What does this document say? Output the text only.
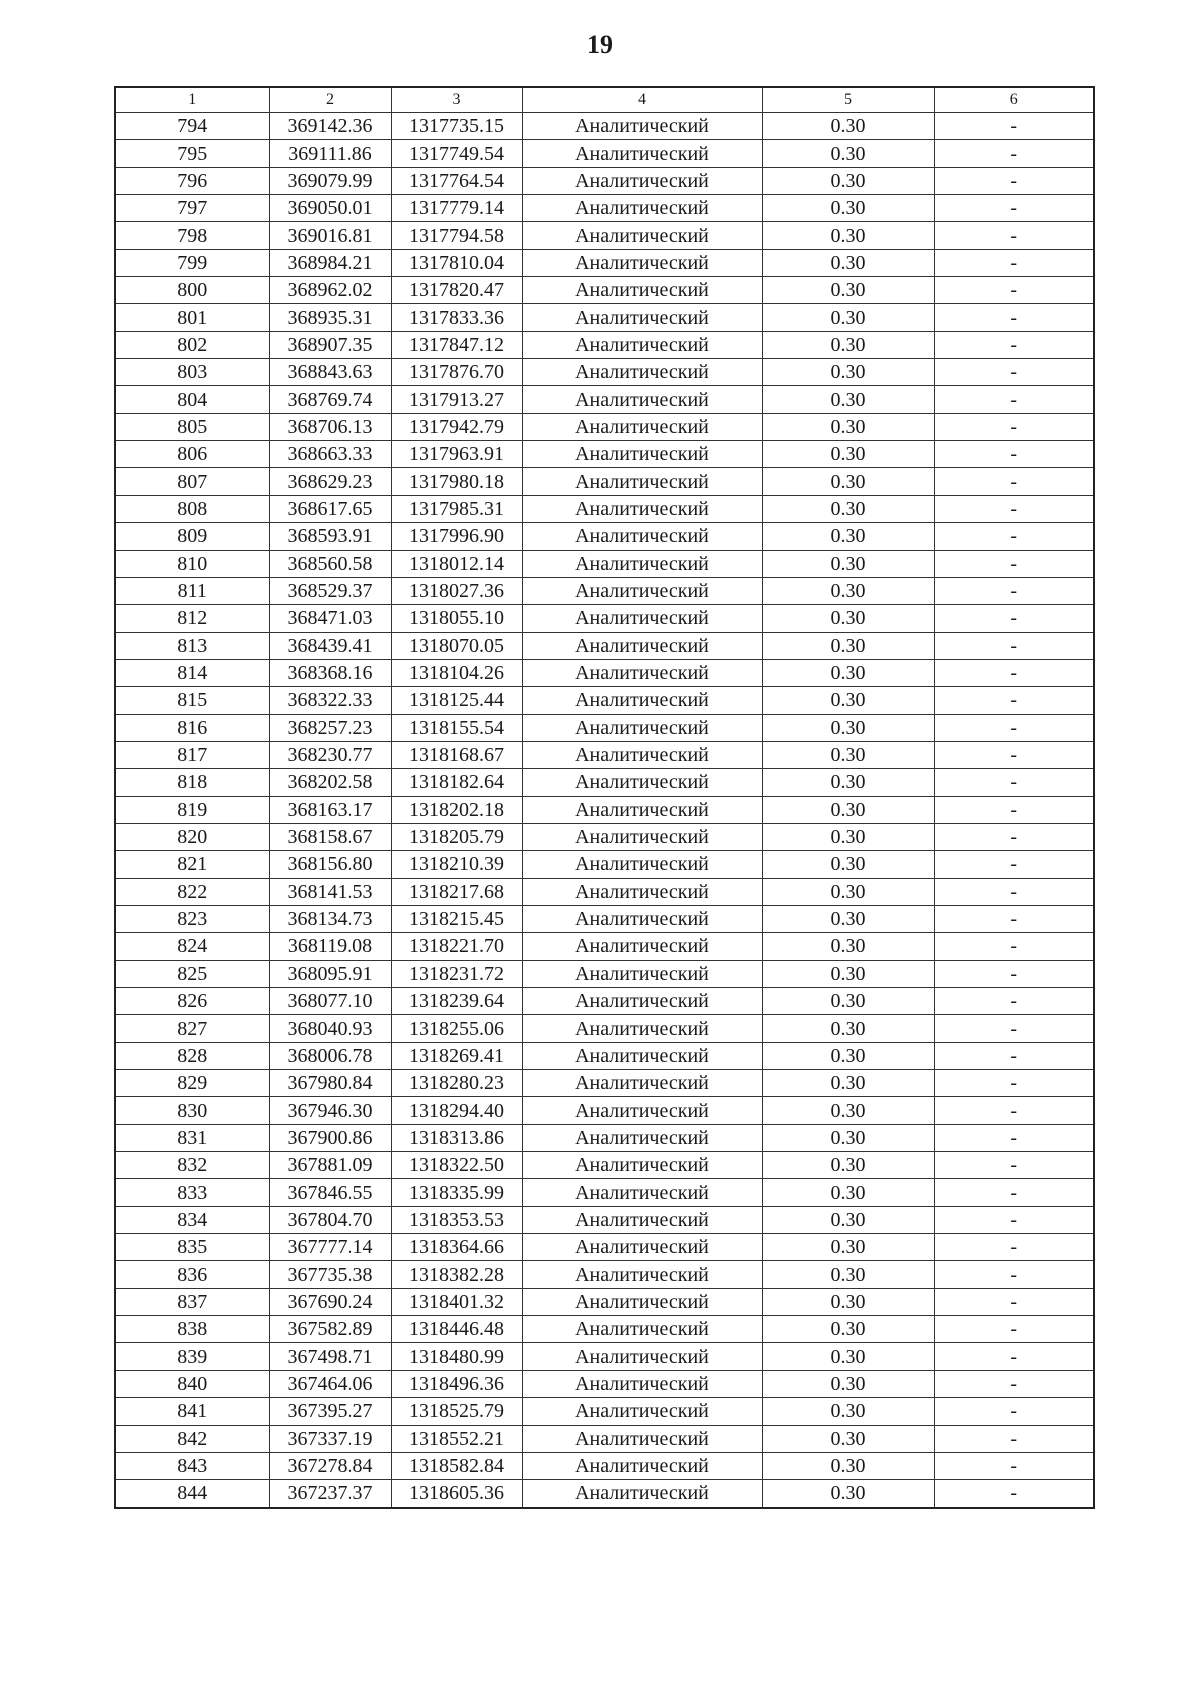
19
1	2	3	4	5	6
794	369142.36	1317735.15	Аналитический	0.30	-
795	369111.86	1317749.54	Аналитический	0.30	-
796	369079.99	1317764.54	Аналитический	0.30	-
797	369050.01	1317779.14	Аналитический	0.30	-
798	369016.81	1317794.58	Аналитический	0.30	-
799	368984.21	1317810.04	Аналитический	0.30	-
800	368962.02	1317820.47	Аналитический	0.30	-
801	368935.31	1317833.36	Аналитический	0.30	-
802	368907.35	1317847.12	Аналитический	0.30	-
803	368843.63	1317876.70	Аналитический	0.30	-
804	368769.74	1317913.27	Аналитический	0.30	-
805	368706.13	1317942.79	Аналитический	0.30	-
806	368663.33	1317963.91	Аналитический	0.30	-
807	368629.23	1317980.18	Аналитический	0.30	-
808	368617.65	1317985.31	Аналитический	0.30	-
809	368593.91	1317996.90	Аналитический	0.30	-
810	368560.58	1318012.14	Аналитический	0.30	-
811	368529.37	1318027.36	Аналитический	0.30	-
812	368471.03	1318055.10	Аналитический	0.30	-
813	368439.41	1318070.05	Аналитический	0.30	-
814	368368.16	1318104.26	Аналитический	0.30	-
815	368322.33	1318125.44	Аналитический	0.30	-
816	368257.23	1318155.54	Аналитический	0.30	-
817	368230.77	1318168.67	Аналитический	0.30	-
818	368202.58	1318182.64	Аналитический	0.30	-
819	368163.17	1318202.18	Аналитический	0.30	-
820	368158.67	1318205.79	Аналитический	0.30	-
821	368156.80	1318210.39	Аналитический	0.30	-
822	368141.53	1318217.68	Аналитический	0.30	-
823	368134.73	1318215.45	Аналитический	0.30	-
824	368119.08	1318221.70	Аналитический	0.30	-
825	368095.91	1318231.72	Аналитический	0.30	-
826	368077.10	1318239.64	Аналитический	0.30	-
827	368040.93	1318255.06	Аналитический	0.30	-
828	368006.78	1318269.41	Аналитический	0.30	-
829	367980.84	1318280.23	Аналитический	0.30	-
830	367946.30	1318294.40	Аналитический	0.30	-
831	367900.86	1318313.86	Аналитический	0.30	-
832	367881.09	1318322.50	Аналитический	0.30	-
833	367846.55	1318335.99	Аналитический	0.30	-
834	367804.70	1318353.53	Аналитический	0.30	-
835	367777.14	1318364.66	Аналитический	0.30	-
836	367735.38	1318382.28	Аналитический	0.30	-
837	367690.24	1318401.32	Аналитический	0.30	-
838	367582.89	1318446.48	Аналитический	0.30	-
839	367498.71	1318480.99	Аналитический	0.30	-
840	367464.06	1318496.36	Аналитический	0.30	-
841	367395.27	1318525.79	Аналитический	0.30	-
842	367337.19	1318552.21	Аналитический	0.30	-
843	367278.84	1318582.84	Аналитический	0.30	-
844	367237.37	1318605.36	Аналитический	0.30	-
